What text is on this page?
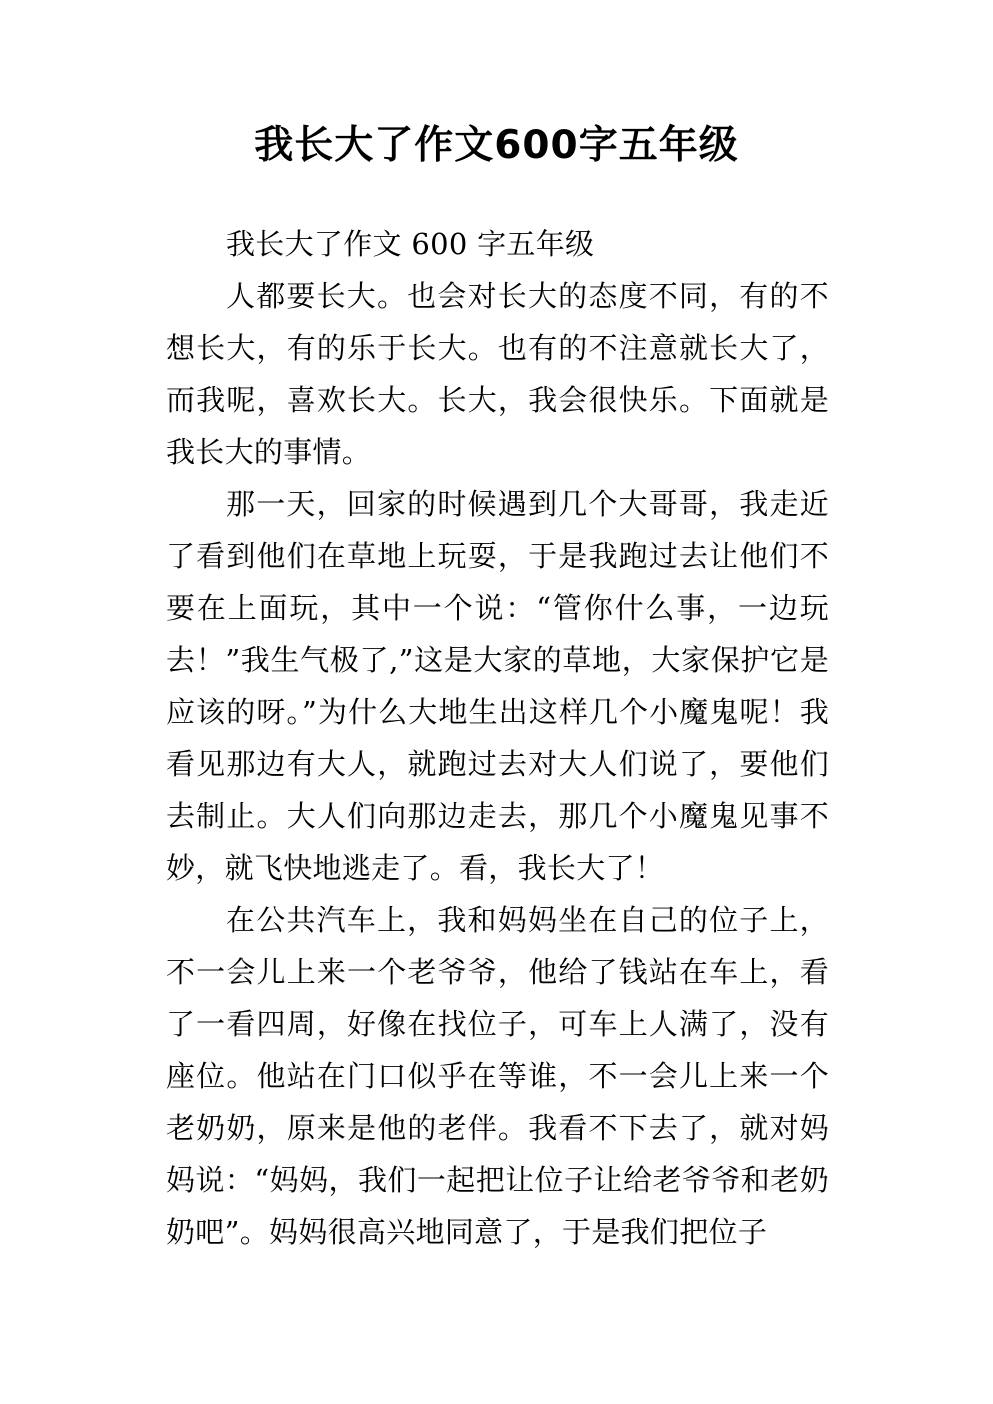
我长大了作文600字五年级

我长大了作文 600 字五年级

人都要长大。也会对长大的态度不同，有的不想长大，有的乐于长大。也有的不注意就长大了，而我呢，喜欢长大。长大，我会很快乐。下面就是我长大的事情。

那一天，回家的时候遇到几个大哥哥，我走近了看到他们在草地上玩耍，于是我跑过去让他们不要在上面玩，其中一个说：“管你什么事，一边玩去！”我生气极了,”这是大家的草地，大家保护它是应该的呀。”为什么大地生出这样几个小魔鬼呢！我看见那边有大人，就跑过去对大人们说了，要他们去制止。大人们向那边走去，那几个小魔鬼见事不妙，就飞快地逃走了。看，我长大了！

在公共汽车上，我和妈妈坐在自己的位子上，不一会儿上来一个老爷爷，他给了钱站在车上，看了一看四周，好像在找位子，可车上人满了，没有座位。他站在门口似乎在等谁，不一会儿上来一个老奶奶，原来是他的老伴。我看不下去了，就对妈妈说：“妈妈，我们一起把让位子让给老爷爷和老奶奶吧”。妈妈很高兴地同意了，于是我们把位子
